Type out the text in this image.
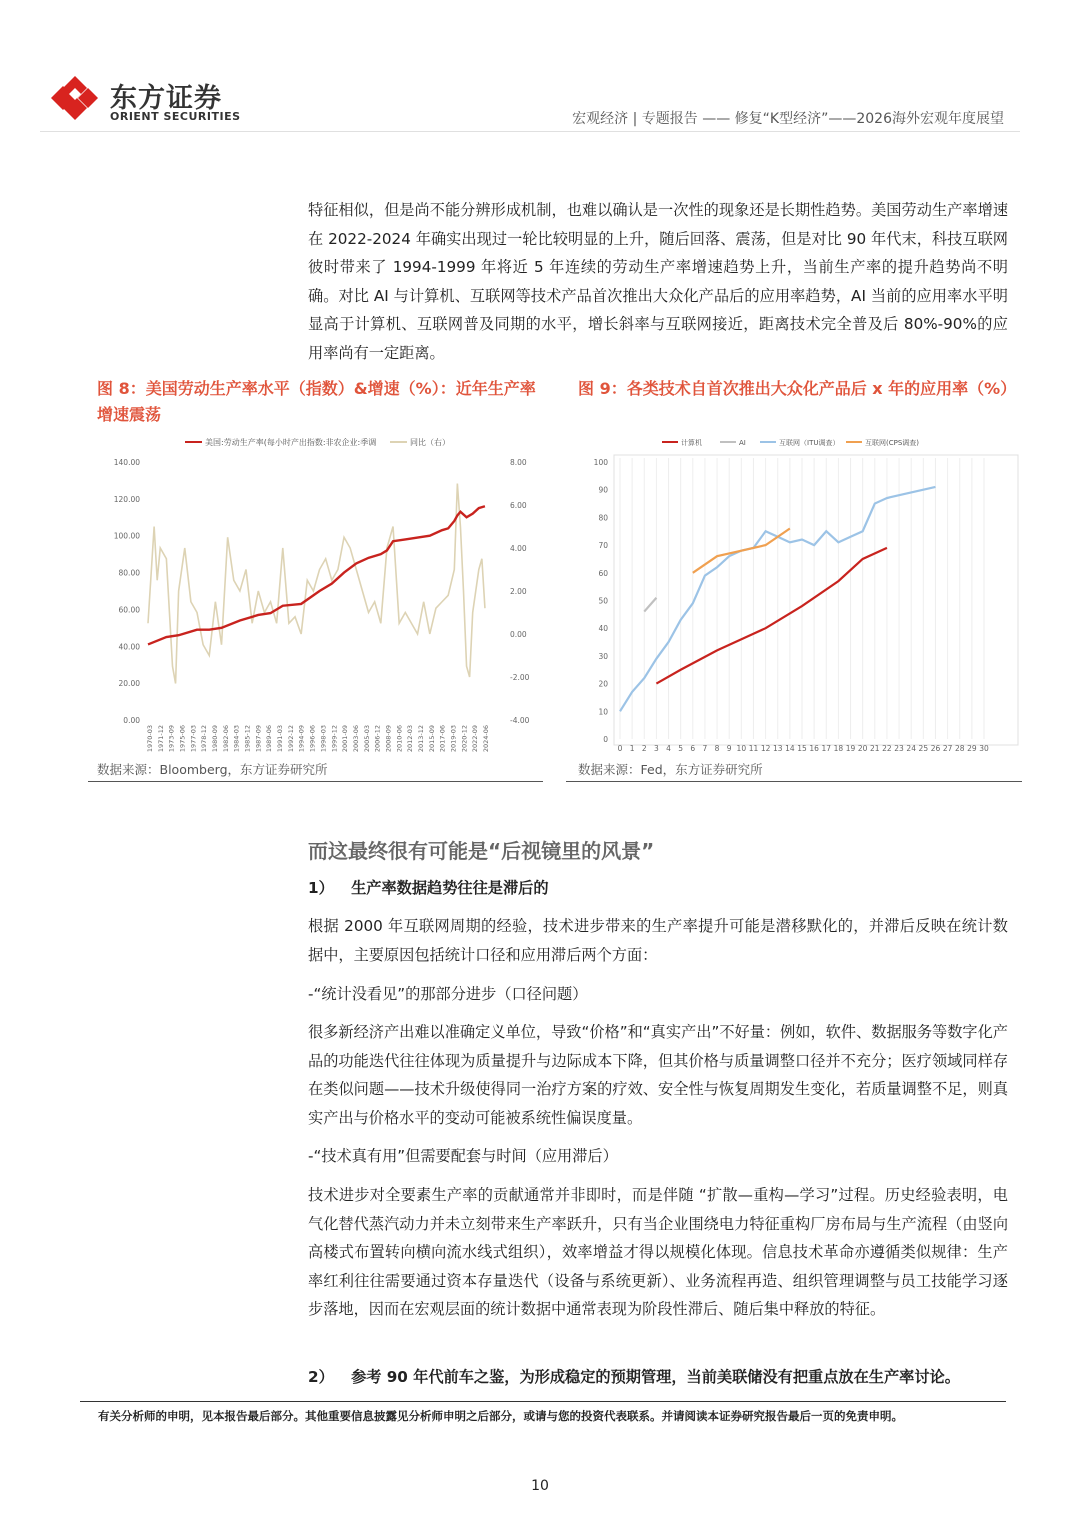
东方证券
ORIENT SECURITIES	宏观经济 | 专题报告 —— 修复“K型经济”——2026海外宏观年度展望

特征相似，但是尚不能分辨形成机制，也难以确认是一次性的现象还是长期性趋势。美国劳动生产率增速在 2022-2024 年确实出现过一轮比较明显的上升，随后回落、震荡，但是对比 90 年代末，科技互联网彼时带来了 1994-1999 年将近 5 年连续的劳动生产率增速趋势上升，当前生产率的提升趋势尚不明确。对比 AI 与计算机、互联网等技术产品首次推出大众化产品后的应用率趋势，AI 当前的应用率水平明显高于计算机、互联网普及同期的水平，增长斜率与互联网接近，距离技术完全普及后 80%-90%的应用率尚有一定距离。

图 8：美国劳动生产率水平（指数）&增速（%）：近年生产率增速震荡

美国:劳动生产率(每小时产出指数:非农企业:季调	同比（右）
0.00
20.00
40.00
60.00
80.00
100.00
120.00
140.00
-4.00
-2.00
0.00
2.00
4.00
6.00
8.00
1970-03 1971-12 1973-09 1975-06 1977-03 1978-12 1980-09 1982-06 1984-03 1985-12 1987-09 1989-06 1991-03 1992-12 1994-09 1996-06 1998-03 1999-12 2001-09 2003-06 2005-03 2006-12 2008-09 2010-06 2012-03 2013-12 2015-09 2017-06 2019-03 2020-12 2022-09 2024-06
数据来源：Bloomberg，东方证券研究所

图 9：各类技术自首次推出大众化产品后 x 年的应用率（%）

计算机	AI	互联网（ITU调查）	互联网(CPS调查)
0
10
20
30
40
50
60
70
80
90
100
0 1 2 3 4 5 6 7 8 9 10 11 12 13 14 15 16 17 18 19 20 21 22 23 24 25 26 27 28 29 30
数据来源：Fed，东方证券研究所
而这最终很有可能是“后视镜里的风景”
1） 生产率数据趋势往往是滞后的

根据 2000 年互联网周期的经验，技术进步带来的生产率提升可能是潜移默化的，并滞后反映在统计数据中，主要原因包括统计口径和应用滞后两个方面：

-“统计没看见”的那部分进步（口径问题）

很多新经济产出难以准确定义单位，导致“价格”和“真实产出”不好量：例如，软件、数据服务等数字化产品的功能迭代往往体现为质量提升与边际成本下降，但其价格与质量调整口径并不充分；医疗领域同样存在类似问题——技术升级使得同一治疗方案的疗效、安全性与恢复周期发生变化，若质量调整不足，则真实产出与价格水平的变动可能被系统性偏误度量。

-“技术真有用”但需要配套与时间（应用滞后）

技术进步对全要素生产率的贡献通常并非即时，而是伴随 “扩散—重构—学习”过程。历史经验表明，电气化替代蒸汽动力并未立刻带来生产率跃升，只有当企业围绕电力特征重构厂房布局与生产流程（由竖向高楼式布置转向横向流水线式组织），效率增益才得以规模化体现。信息技术革命亦遵循类似规律：生产率红利往往需要通过资本存量迭代（设备与系统更新）、业务流程再造、组织管理调整与员工技能学习逐步落地，因而在宏观层面的统计数据中通常表现为阶段性滞后、随后集中释放的特征。

2） 参考 90 年代前车之鉴，为形成稳定的预期管理，当前美联储没有把重点放在生产率讨论。
有关分析师的申明，见本报告最后部分。其他重要信息披露见分析师申明之后部分，或请与您的投资代表联系。并请阅读本证券研究报告最后一页的免责申明。
10
